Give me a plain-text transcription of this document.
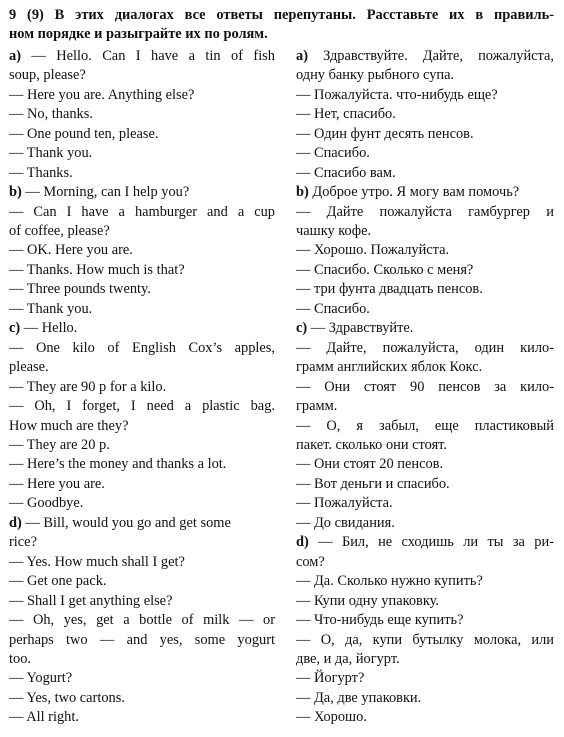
9 (9) В этих диалогах все ответы перепутаны. Расставьте их в правиль-
ном порядке и разыграйте их по ролям.
a) — Hello. Can I have a tin of fish
soup, please?
— Here you are. Anything else?
— No, thanks.
— One pound ten, please.
— Thank you.
— Thanks.
b) — Morning, can I help you?
— Can I have a hamburger and a cup
of coffee, please?
— OK. Here you are.
— Thanks. How much is that?
— Three pounds twenty.
— Thank you.
c) — Hello.
— One kilo of English Cox’s apples,
please.
— They are 90 p for a kilo.
— Oh, I forget, I need a plastic bag.
How much are they?
— They are 20 p.
— Here’s the money and thanks a lot.
— Here you are.
— Goodbye.
d) — Bill, would you go and get some
rice?
— Yes. How much shall I get?
— Get one pack.
— Shall I get anything else?
— Oh, yes, get a bottle of milk — or
perhaps two — and yes, some yogurt
too.
— Yogurt?
— Yes, two cartons.
— All right.
a) Здравствуйте. Дайте, пожалуйста,
одну банку рыбного супа.
— Пожалуйста. что-нибудь еще?
— Нет, спасибо.
— Один фунт десять пенсов.
— Спасибо.
— Спасибо вам.
b) Доброе утро. Я могу вам помочь?
— Дайте пожалуйста гамбургер и
чашку кофе.
— Хорошо. Пожалуйста.
— Спасибо. Сколько с меня?
— три фунта двадцать пенсов.
— Спасибо.
c) — Здравствуйте.
— Дайте, пожалуйста, один кило-
грамм английских яблок Кокс.
— Они стоят 90 пенсов за кило-
грамм.
— О, я забыл, еще пластиковый
пакет. сколько они стоят.
— Они стоят 20 пенсов.
— Вот деньги и спасибо.
— Пожалуйста.
— До свидания.
d) — Бил, не сходишь ли ты за ри-
сом?
— Да. Сколько нужно купить?
— Купи одну упаковку.
— Что-нибудь еще купить?
— О, да, купи бутылку молока, или
две, и да, йогурт.
— Йогурт?
— Да, две упаковки.
— Хорошо.
